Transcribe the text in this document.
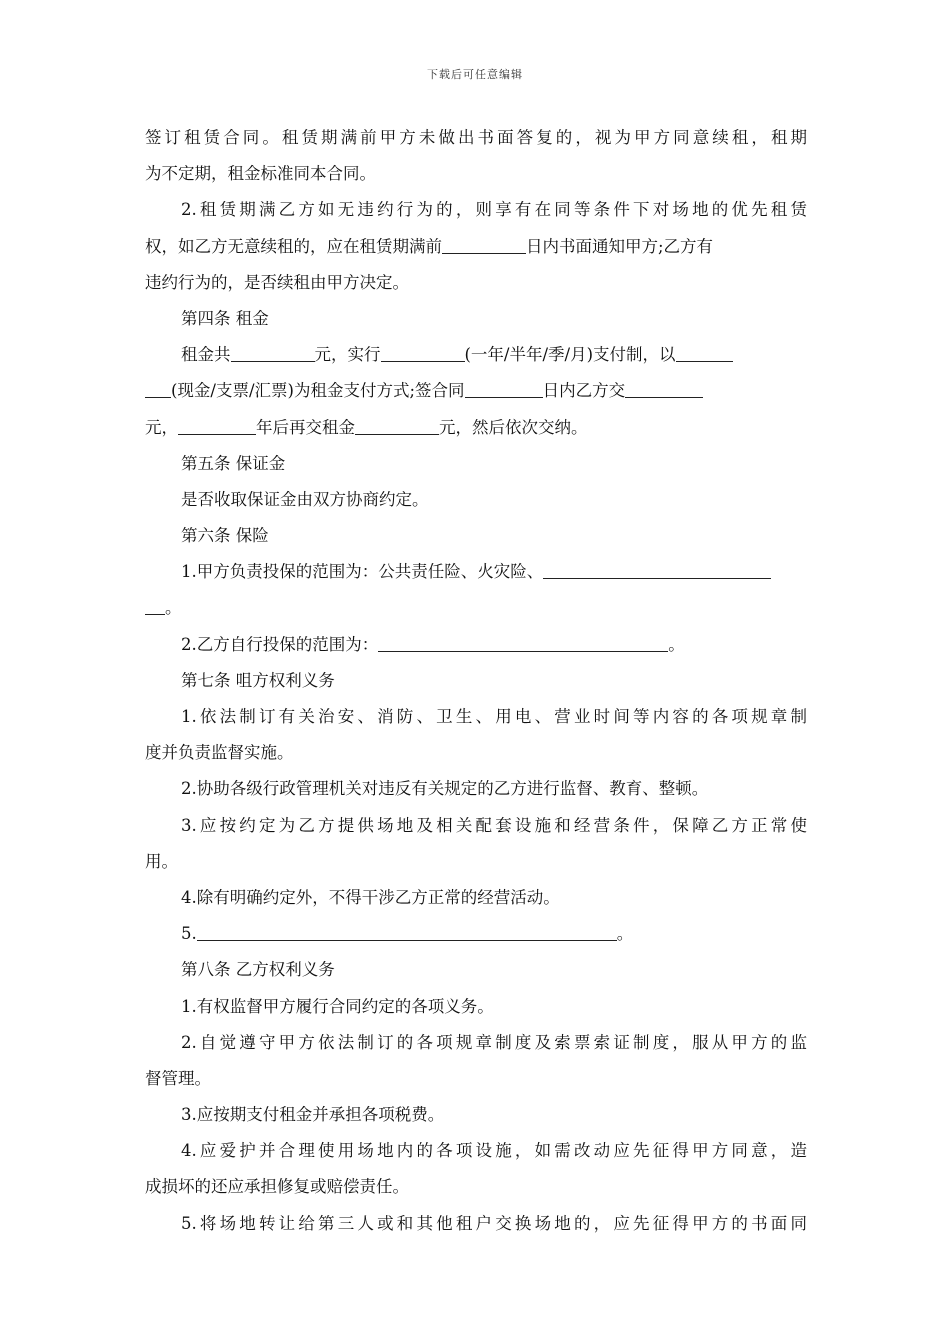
下载后可任意编辑
签订租赁合同。租赁期满前甲方未做出书面答复的，视为甲方同意续租，租期
为不定期，租金标准同本合同。
2.租赁期满乙方如无违约行为的，则享有在同等条件下对场地的优先租赁
权，如乙方无意续租的，应在租赁期满前	日内书面通知甲方;乙方有
违约行为的，是否续租由甲方决定。
第四条 租金
租金共	元，实行	(一年/半年/季/月)支付制，以
(现金/支票/汇票)为租金支付方式;签合同	日内乙方交
元，	年后再交租金	元，然后依次交纳。
第五条 保证金
是否收取保证金由双方协商约定。
第六条 保险
1.甲方负责投保的范围为：公共责任险、火灾险、
。
2.乙方自行投保的范围为：	。
第七条 咀方权利义务
1.依法制订有关治安、消防、卫生、用电、营业时间等内容的各项规章制
度并负责监督实施。
2.协助各级行政管理机关对违反有关规定的乙方进行监督、教育、整顿。
3.应按约定为乙方提供场地及相关配套设施和经营条件，保障乙方正常使
用。
4.除有明确约定外，不得干涉乙方正常的经营活动。
5.	。
第八条 乙方权利义务
1.有权监督甲方履行合同约定的各项义务。
2.自觉遵守甲方依法制订的各项规章制度及索票索证制度，服从甲方的监
督管理。
3.应按期支付租金并承担各项税费。
4.应爱护并合理使用场地内的各项设施，如需改动应先征得甲方同意，造
成损坏的还应承担修复或赔偿责任。
5.将场地转让给第三人或和其他租户交换场地的，应先征得甲方的书面同
